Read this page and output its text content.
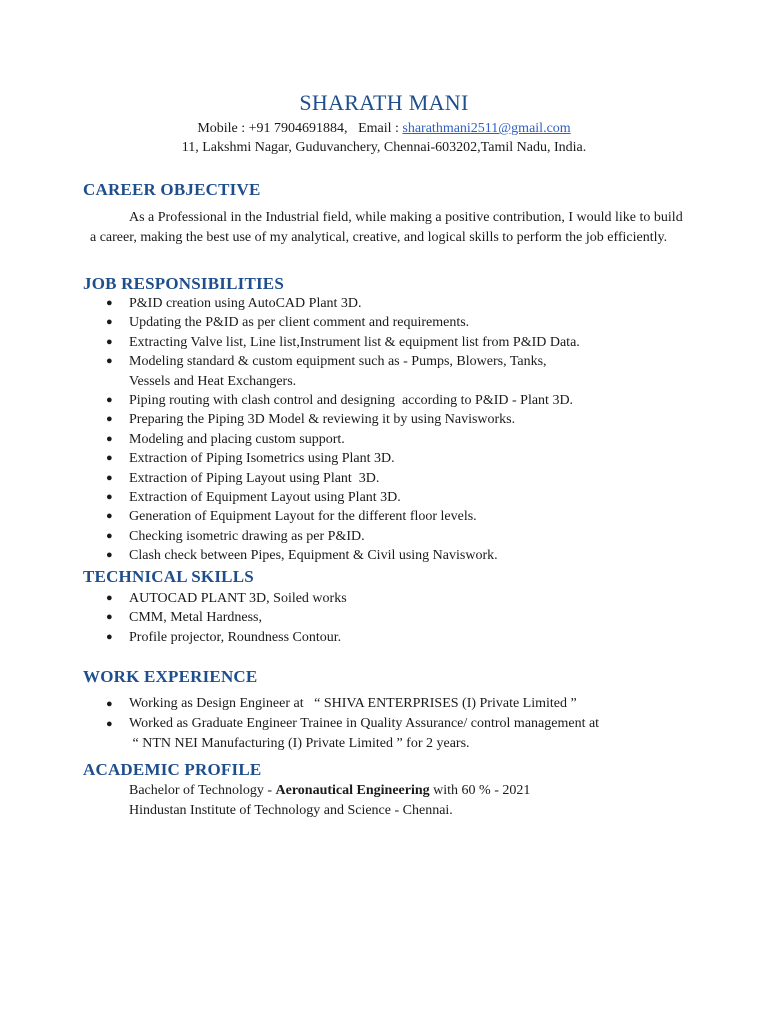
SHARATH MANI
Mobile : +91 7904691884, Email : sharathmani2511@gmail.com
11, Lakshmi Nagar, Guduvanchery, Chennai-603202,Tamil Nadu, India.
CAREER OBJECTIVE
As a Professional in the Industrial field, while making a positive contribution, I would like to build a career, making the best use of my analytical, creative, and logical skills to perform the job efficiently.
JOB RESPONSIBILITIES
● P&ID creation using AutoCAD Plant 3D.
● Updating the P&ID as per client comment and requirements.
● Extracting Valve list, Line list,Instrument list & equipment list from P&ID Data.
● Modeling standard & custom equipment such as - Pumps, Blowers, Tanks,
Vessels and Heat Exchangers.
● Piping routing with clash control and designing  according to P&ID - Plant 3D.
● Preparing the Piping 3D Model & reviewing it by using Navisworks.
● Modeling and placing custom support.
● Extraction of Piping Isometrics using Plant 3D.
● Extraction of Piping Layout using Plant  3D.
● Extraction of Equipment Layout using Plant 3D.
● Generation of Equipment Layout for the different floor levels.
● Checking isometric drawing as per P&ID.
● Clash check between Pipes, Equipment & Civil using Naviswork.
TECHNICAL SKILLS
● AUTOCAD PLANT 3D, Soiled works
● CMM, Metal Hardness,
● Profile projector, Roundness Contour.
WORK EXPERIENCE
● Working as Design Engineer at   “ SHIVA ENTERPRISES (I) Private Limited ”
● Worked as Graduate Engineer Trainee in Quality Assurance/ control management at
“ NTN NEI Manufacturing (I) Private Limited ” for 2 years.
ACADEMIC PROFILE
Bachelor of Technology - Aeronautical Engineering with 60 % - 2021
Hindustan Institute of Technology and Science - Chennai.
